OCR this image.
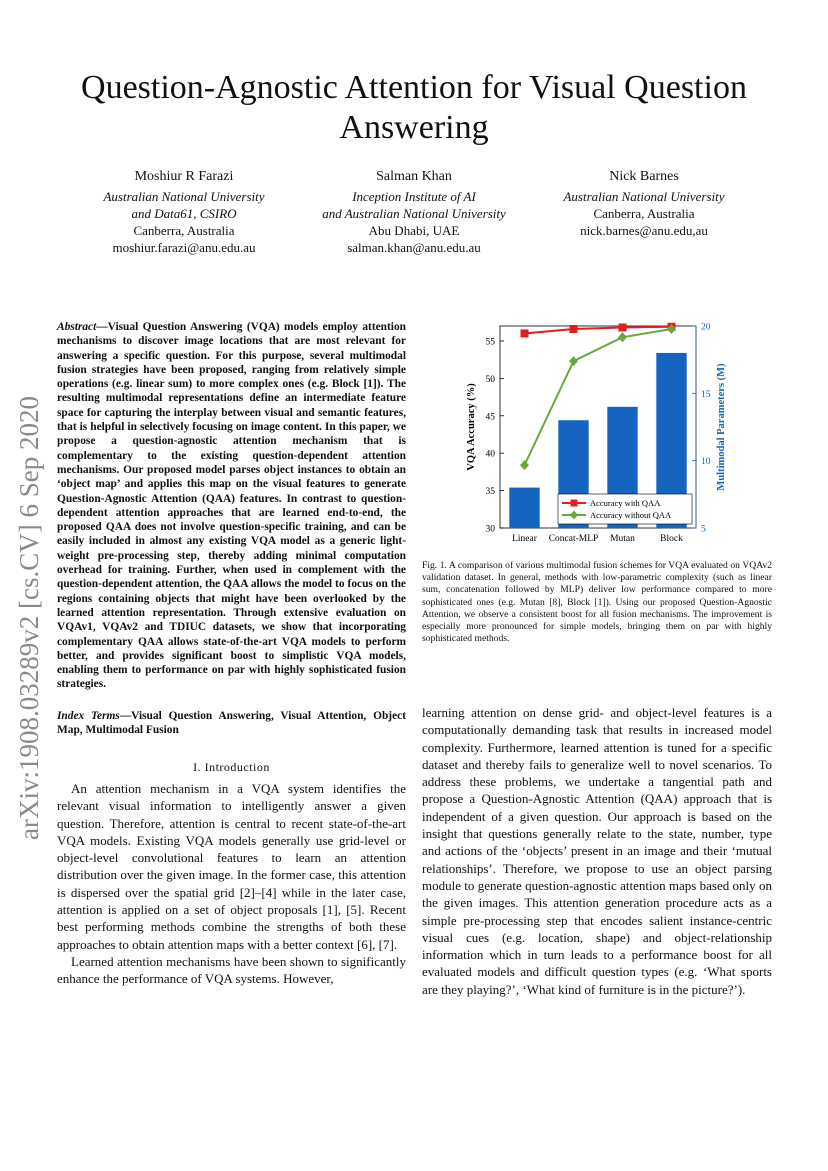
arXiv:1908.03289v2 [cs.CV] 6 Sep 2020
Question-Agnostic Attention for Visual Question Answering
Moshiur R Farazi
Australian National University
and Data61, CSIRO
Canberra, Australia
moshiur.farazi@anu.edu.au
Salman Khan
Inception Institute of AI
and Australian National University
Abu Dhabi, UAE
salman.khan@anu.edu.au
Nick Barnes
Australian National University
Canberra, Australia
nick.barnes@anu.edu,au
Abstract—Visual Question Answering (VQA) models employ attention mechanisms to discover image locations that are most relevant for answering a specific question. For this purpose, several multimodal fusion strategies have been proposed, ranging from relatively simple operations (e.g. linear sum) to more complex ones (e.g. Block [1]). The resulting multimodal representations define an intermediate feature space for capturing the interplay between visual and semantic features, that is helpful in selectively focusing on image content. In this paper, we propose a question-agnostic attention mechanism that is complementary to the existing question-dependent attention mechanisms. Our proposed model parses object instances to obtain an ‘object map’ and applies this map on the visual features to generate Question-Agnostic Attention (QAA) features. In contrast to question-dependent attention approaches that are learned end-to-end, the proposed QAA does not involve question-specific training, and can be easily included in almost any existing VQA model as a generic light-weight pre-processing step, thereby adding minimal computation overhead for training. Further, when used in complement with the question-dependent attention, the QAA allows the model to focus on the regions containing objects that might have been overlooked by the learned attention representation. Through extensive evaluation on VQAv1, VQAv2 and TDIUC datasets, we show that incorporating complementary QAA allows state-of-the-art VQA models to perform better, and provides significant boost to simplistic VQA models, enabling them to performance on par with highly sophisticated fusion strategies.
Index Terms—Visual Question Answering, Visual Attention, Object Map, Multimodal Fusion
I. Introduction

An attention mechanism in a VQA system identifies the relevant visual information to intelligently answer a given question. Therefore, attention is central to recent state-of-the-art VQA models. Existing VQA models generally use grid-level or object-level convolutional features to learn an attention distribution over the given image. In the former case, this attention is dispersed over the spatial grid [2]–[4] while in the later case, attention is applied on a set of object proposals [1], [5]. Recent best performing methods combine the strengths of both these approaches to obtain attention maps with a better context [6], [7].

Learned attention mechanisms have been shown to significantly enhance the performance of VQA systems. However,

learning attention on dense grid- and object-level features is a computationally demanding task that results in increased model complexity. Furthermore, learned attention is tuned for a specific dataset and thereby fails to generalize well to novel scenarios. To address these problems, we undertake a tangential path and propose a Question-Agnostic Attention (QAA) approach that is independent of a given question. Our approach is based on the insight that questions generally relate to the state, number, type and actions of the ‘objects’ present in an image and their ‘mutual relationships’. Therefore, we propose to use an object parsing module to generate question-agnostic attention maps based only on the given images. This attention generation procedure acts as a simple pre-processing step that encodes salient instance-centric visual cues (e.g. location, shape) and object-relationship information which in turn leads to a performance boost for all evaluated models and difficult question types (e.g. ‘What sports are they playing?’, ‘What kind of furniture is in the picture?’).

Fig. 1. A comparison of various multimodal fusion schemes for VQA evaluated on VQAv2 validation dataset. In general, methods with low-parametric complexity (such as linear sum, concatenation followed by MLP) deliver low performance compared to more sophisticated ones (e.g. Mutan [8], Block [1]). Using our proposed Question-Agnostic Attention, we observe a consistent boost for all fusion mechanisms. The improvement is especially more pronounced for simple models, bringing them on par with highly sophisticated methods.
30
35
40
45
50
55
5
10
15
20
Linear Concat-MLP Mutan	Block
VQA Accuracy (%)	Multimodal Parameters (M)
Accuracy with QAA
Accuracy without QAA
